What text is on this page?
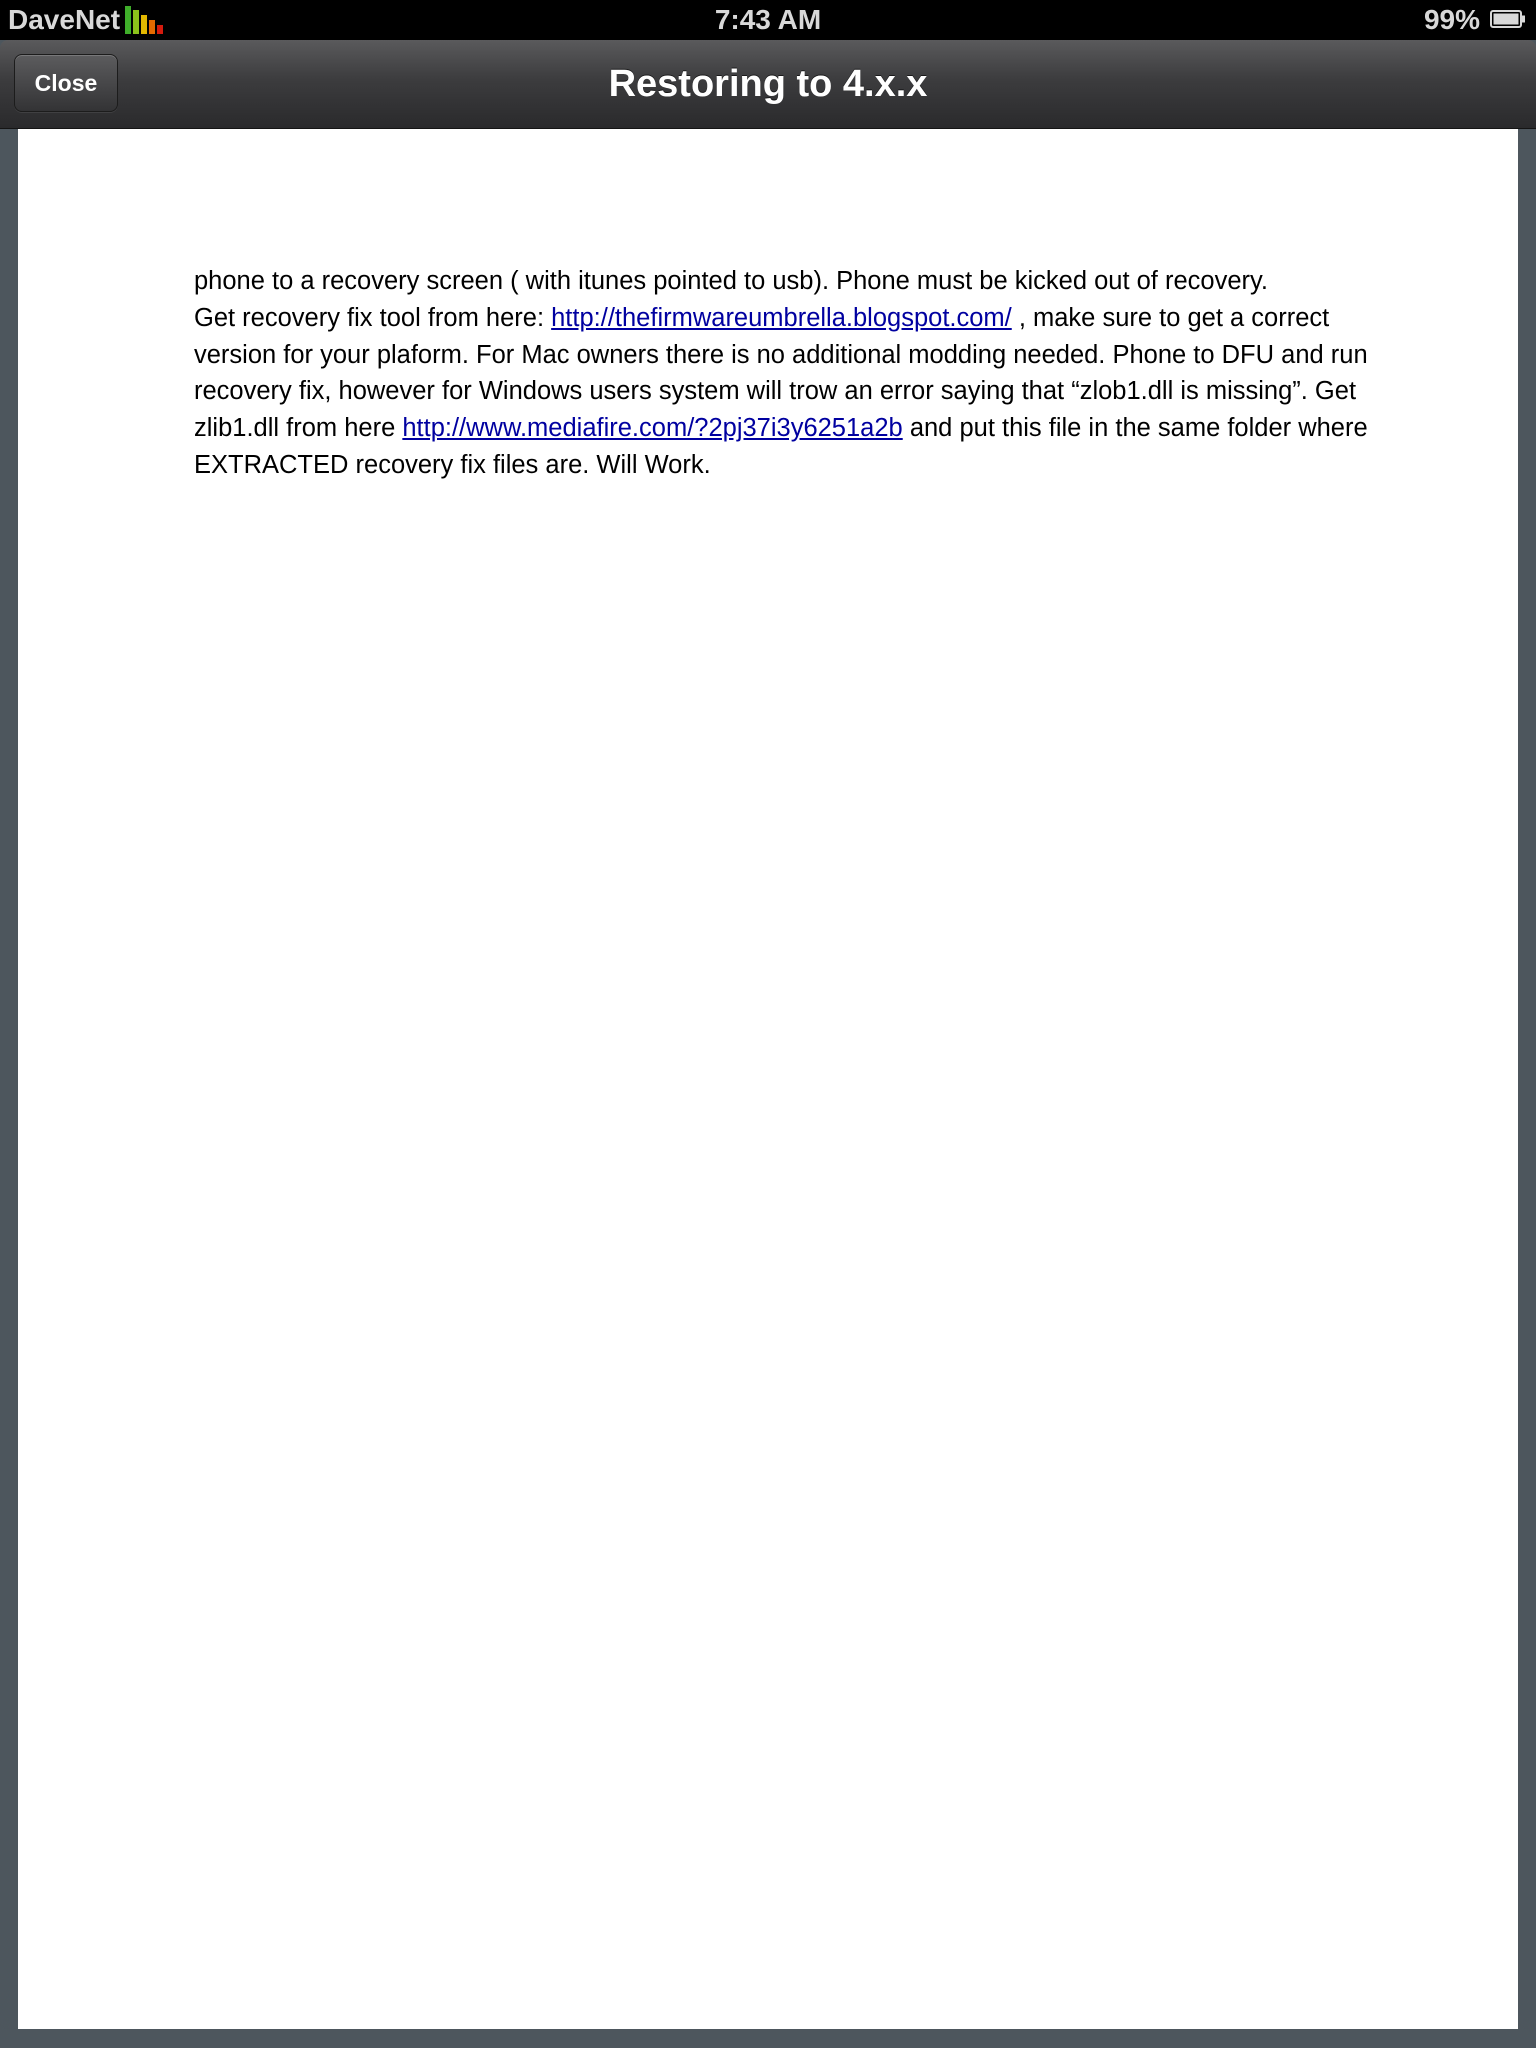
DaveNet	7:43 AM	99%
Close	Restoring to 4.x.x

phone to a recovery screen ( with itunes pointed to usb). Phone must be kicked out of recovery.
Get recovery fix tool from here: http://thefirmwareumbrella.blogspot.com/ , make sure to get a correct version for your plaform. For Mac owners there is no additional modding needed. Phone to DFU and run recovery fix, however for Windows users system will trow an error saying that “zlob1.dll is missing”. Get zlib1.dll from here http://www.mediafire.com/?2pj37i3y6251a2b and put this file in the same folder where EXTRACTED recovery fix files are. Will Work.
